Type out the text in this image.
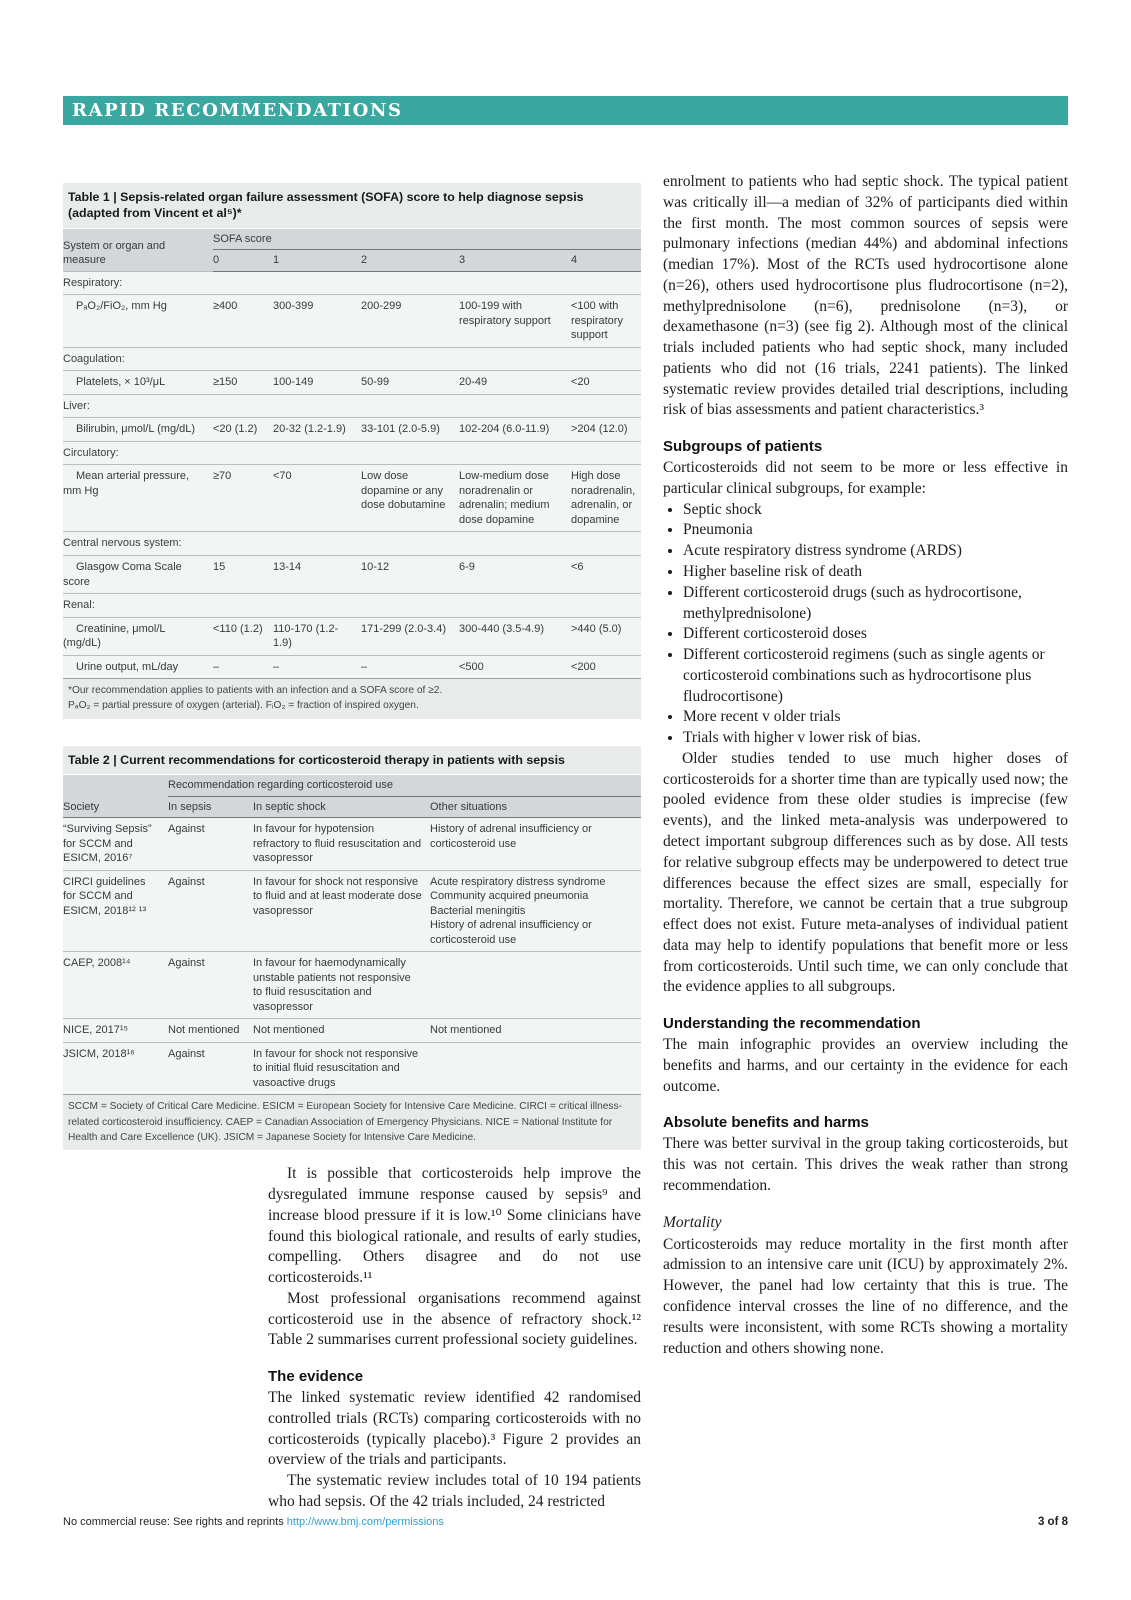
RAPID RECOMMENDATIONS
Table 1 | Sepsis-related organ failure assessment (SOFA) score to help diagnose sepsis (adapted from Vincent et al⁵)*
System or organ and measure	SOFA score				
	0	1	2	3	4
Respiratory:					
PₐO₂/FiO₂, mm Hg	≥400	300-399	200-299	100-199 with respiratory support	<100 with respiratory support
Coagulation:					
Platelets, × 10³/μL	≥150	100-149	50-99	20-49	<20
Liver:					
Bilirubin, μmol/L (mg/dL)	<20 (1.2)	20-32 (1.2-1.9)	33-101 (2.0-5.9)	102-204 (6.0-11.9)	>204 (12.0)
Circulatory:					
Mean arterial pressure, mm Hg	≥70	<70	Low dose dopamine or any dose dobutamine	Low-medium dose noradrenalin or adrenalin; medium dose dopamine	High dose noradrenalin, adrenalin, or dopamine
Central nervous system:					
Glasgow Coma Scale score	15	13-14	10-12	6-9	<6
Renal:					
Creatinine, μmol/L (mg/dL)	<110 (1.2)	110-170 (1.2-1.9)	171-299 (2.0-3.4)	300-440 (3.5-4.9)	>440 (5.0)
Urine output, mL/day	–	–	–	<500	<200
*Our recommendation applies to patients with an infection and a SOFA score of ≥2.
PₐO₂ = partial pressure of oxygen (arterial). FᵢO₂ = fraction of inspired oxygen.
Table 2 | Current recommendations for corticosteroid therapy in patients with sepsis
	Recommendation regarding corticosteroid use		
Society	In sepsis	In septic shock	Other situations
“Surviving Sepsis” for SCCM and ESICM, 2016⁷	Against	In favour for hypotension refractory to fluid resuscitation and vasopressor	History of adrenal insufficiency or corticosteroid use
CIRCI guidelines for SCCM and ESICM, 2018¹² ¹³	Against	In favour for shock not responsive to fluid and at least moderate dose vasopressor	Acute respiratory distress syndrome
Community acquired pneumonia
Bacterial meningitis
History of adrenal insufficiency or corticosteroid use
CAEP, 2008¹⁴	Against	In favour for haemodynamically unstable patients not responsive to fluid resuscitation and vasopressor	
NICE, 2017¹⁵	Not mentioned	Not mentioned	Not mentioned
JSICM, 2018¹⁶	Against	In favour for shock not responsive to initial fluid resuscitation and vasoactive drugs	
SCCM = Society of Critical Care Medicine. ESICM = European Society for Intensive Care Medicine. CIRCI = critical illness-related corticosteroid insufficiency. CAEP = Canadian Association of Emergency Physicians. NICE = National Institute for Health and Care Excellence (UK). JSICM = Japanese Society for Intensive Care Medicine.

It is possible that corticosteroids help improve the dysregulated immune response caused by sepsis⁹ and increase blood pressure if it is low.¹⁰ Some clinicians have found this biological rationale, and results of early studies, compelling. Others disagree and do not use corticosteroids.¹¹

Most professional organisations recommend against corticosteroid use in the absence of refractory shock.¹² Table 2 summarises current professional society guidelines.

The evidence

The linked systematic review identified 42 randomised controlled trials (RCTs) comparing corticosteroids with no corticosteroids (typically placebo).³ Figure 2 provides an overview of the trials and participants.

The systematic review includes total of 10 194 patients who had sepsis. Of the 42 trials included, 24 restricted

enrolment to patients who had septic shock. The typical patient was critically ill—a median of 32% of participants died within the first month. The most common sources of sepsis were pulmonary infections (median 44%) and abdominal infections (median 17%). Most of the RCTs used hydrocortisone alone (n=26), others used hydrocortisone plus fludrocortisone (n=2), methylprednisolone (n=6), prednisolone (n=3), or dexamethasone (n=3) (see fig 2). Although most of the clinical trials included patients who had septic shock, many included patients who did not (16 trials, 2241 patients). The linked systematic review provides detailed trial descriptions, including risk of bias assessments and patient characteristics.³

Subgroups of patients

Corticosteroids did not seem to be more or less effective in particular clinical subgroups, for example:

• Septic shock
• Pneumonia
• Acute respiratory distress syndrome (ARDS)
• Higher baseline risk of death
• Different corticosteroid drugs (such as hydrocortisone, methylprednisolone)
• Different corticosteroid doses
• Different corticosteroid regimens (such as single agents or corticosteroid combinations such as hydrocortisone plus fludrocortisone)
• More recent v older trials
• Trials with higher v lower risk of bias.

Older studies tended to use much higher doses of corticosteroids for a shorter time than are typically used now; the pooled evidence from these older studies is imprecise (few events), and the linked meta-analysis was underpowered to detect important subgroup differences such as by dose. All tests for relative subgroup effects may be underpowered to detect true differences because the effect sizes are small, especially for mortality. Therefore, we cannot be certain that a true subgroup effect does not exist. Future meta-analyses of individual patient data may help to identify populations that benefit more or less from corticosteroids. Until such time, we can only conclude that the evidence applies to all subgroups.

Understanding the recommendation

The main infographic provides an overview including the benefits and harms, and our certainty in the evidence for each outcome.

Absolute benefits and harms

There was better survival in the group taking corticosteroids, but this was not certain. This drives the weak rather than strong recommendation.

Mortality

Corticosteroids may reduce mortality in the first month after admission to an intensive care unit (ICU) by approximately 2%. However, the panel had low certainty that this is true. The confidence interval crosses the line of no difference, and the results were inconsistent, with some RCTs showing a mortality reduction and others showing none.

No commercial reuse: See rights and reprints http://www.bmj.com/permissions	3 of 8
